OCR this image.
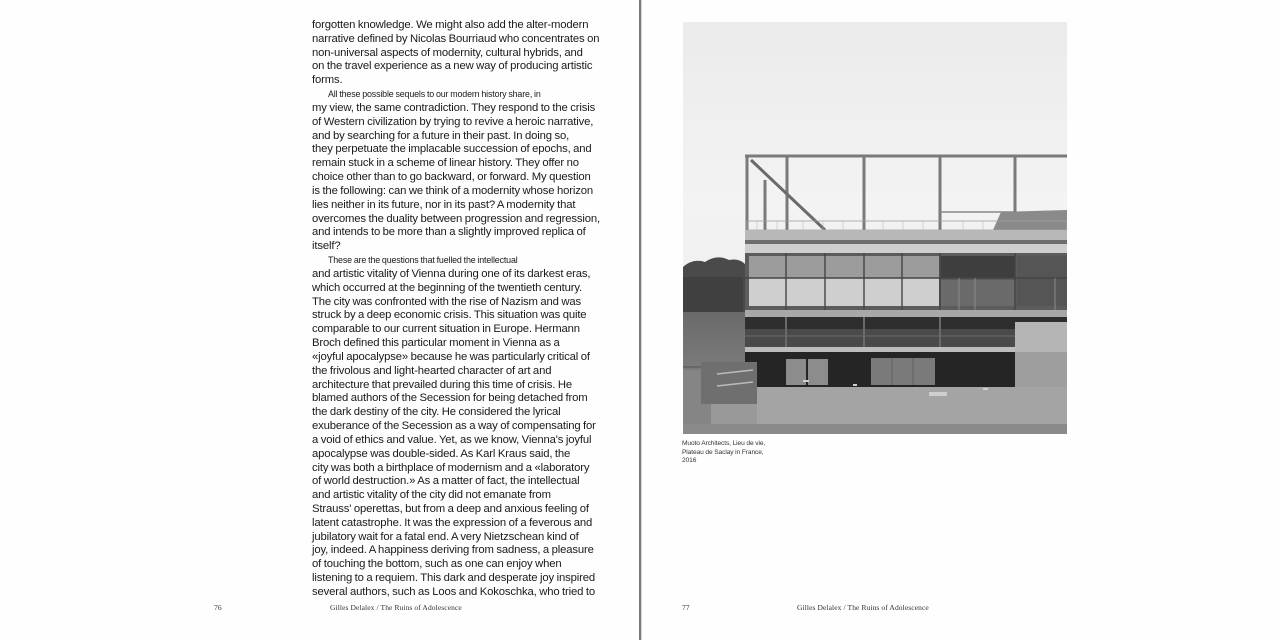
forgotten knowledge. We might also add the alter-modern
narrative defined by Nicolas Bourriaud who concentrates on
non-universal aspects of modernity, cultural hybrids, and
on the travel experience as a new way of producing artistic
forms.
All these possible sequels to our modern history share, in
my view, the same contradiction. They respond to the crisis
of Western civilization by trying to revive a heroic narrative,
and by searching for a future in their past. In doing so,
they perpetuate the implacable succession of epochs, and
remain stuck in a scheme of linear history. They offer no
choice other than to go backward, or forward. My question
is the following: can we think of a modernity whose horizon
lies neither in its future, nor in its past? A modernity that
overcomes the duality between progression and regression,
and intends to be more than a slightly improved replica of
itself?
These are the questions that fuelled the intellectual
and artistic vitality of Vienna during one of its darkest eras,
which occurred at the beginning of the twentieth century.
The city was confronted with the rise of Nazism and was
struck by a deep economic crisis. This situation was quite
comparable to our current situation in Europe. Hermann
Broch defined this particular moment in Vienna as a
«joyful apocalypse» because he was particularly critical of
the frivolous and light-hearted character of art and
architecture that prevailed during this time of crisis. He
blamed authors of the Secession for being detached from
the dark destiny of the city. He considered the lyrical
exuberance of the Secession as a way of compensating for
a void of ethics and value. Yet, as we know, Vienna's joyful
apocalypse was double-sided. As Karl Kraus said, the
city was both a birthplace of modernism and a «laboratory
of world destruction.» As a matter of fact, the intellectual
and artistic vitality of the city did not emanate from
Strauss' operettas, but from a deep and anxious feeling of
latent catastrophe. It was the expression of a feverous and
jubilatory wait for a fatal end. A very Nietzschean kind of
joy, indeed. A happiness deriving from sadness, a pleasure
of touching the bottom, such as one can enjoy when
listening to a requiem. This dark and desperate joy inspired
several authors, such as Loos and Kokoschka, who tried to
76	Gilles Delalex / The Ruins of Adolescence
Muoto Architects, Lieu de vie,
Plateau de Saclay in France,
2016
77	Gilles Delalex / The Ruins of Adolescence
